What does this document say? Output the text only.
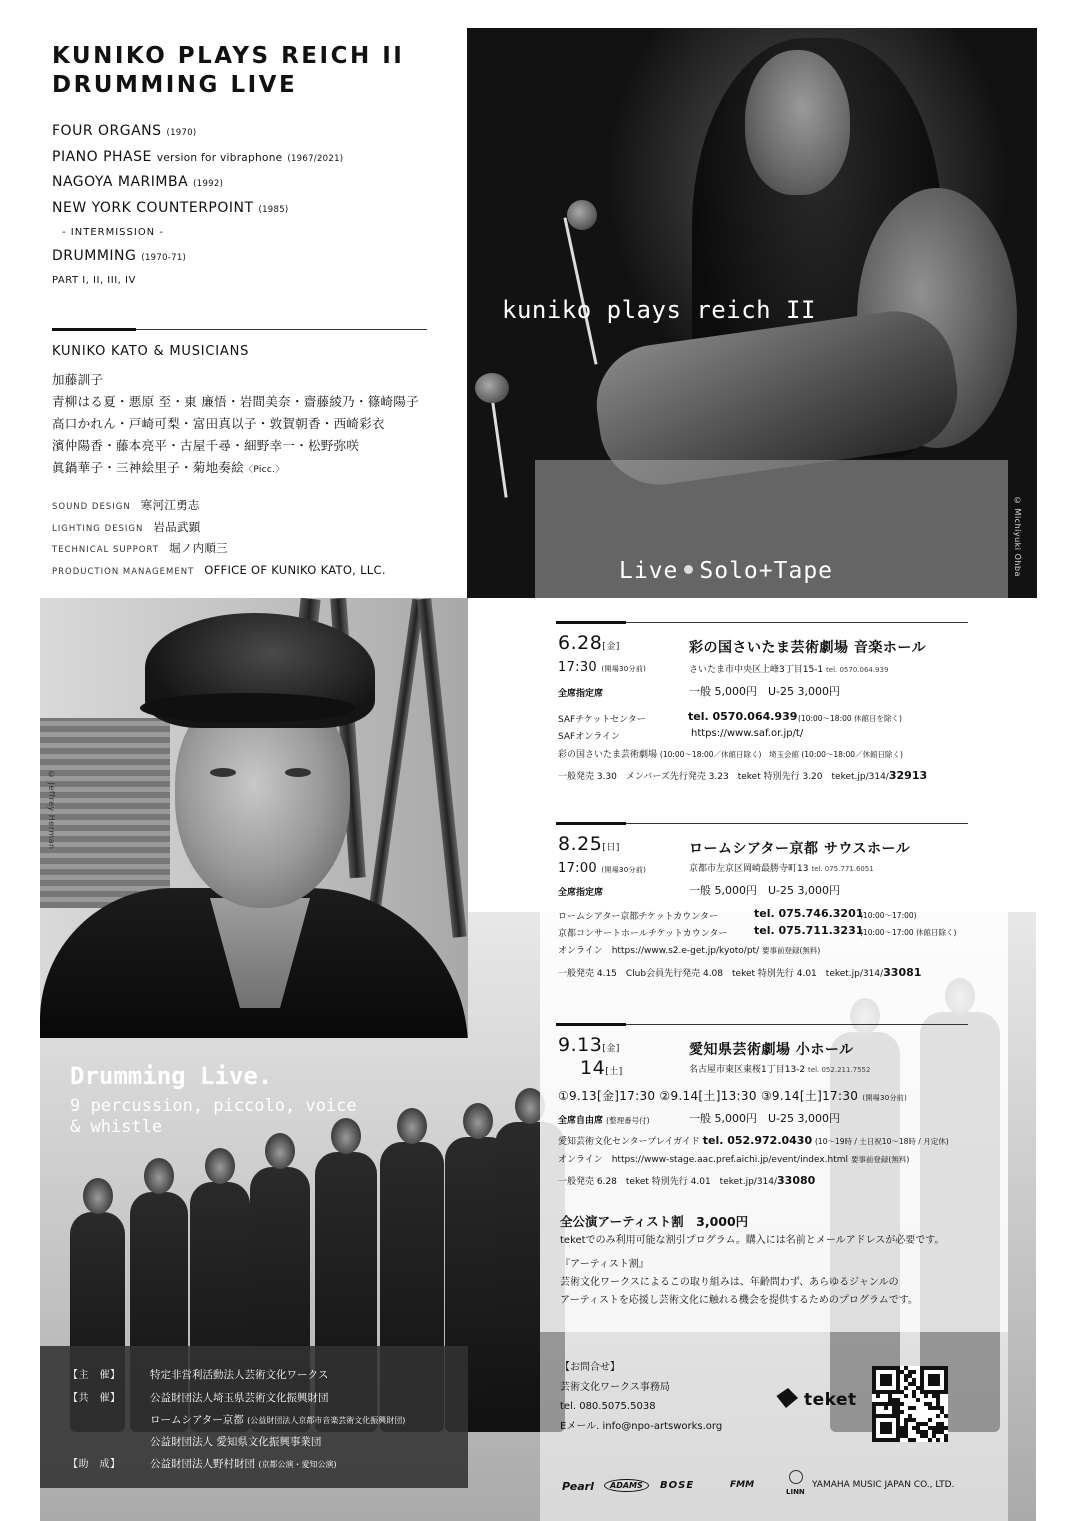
KUNIKO PLAYS REICH II
DRUMMING LIVE
FOUR ORGANS (1970)
PIANO PHASE version for vibraphone (1967/2021)
NAGOYA MARIMBA (1992)
NEW YORK COUNTERPOINT (1985)
- INTERMISSION -
DRUMMING (1970-71)
PART I, II, III, IV
KUNIKO KATO & MUSICIANS
加藤訓子
青柳はる夏・悪原 至・東 廉悟・岩間美奈・齋藤綾乃・篠崎陽子
高口かれん・戸崎可梨・富田真以子・敦賀朝香・西崎彩衣
濱仲陽香・藤本亮平・古屋千尋・細野幸一・松野弥咲
眞鍋華子・三神絵里子・菊地奏絵〈Picc.〉
SOUND DESIGN 寒河江勇志
LIGHTING DESIGN 岩品武顕
TECHNICAL SUPPORT 堀ノ内順三
PRODUCTION MANAGEMENT OFFICE OF KUNIKO KATO, LLC.
kuniko plays reich II
Live Solo+Tape	© Michiyuki Ohba
Drumming Live.
9 percussion, piccolo, voice
& whistle
© Jeffrey Herman
6.28[金]
17:30 (開場30分前)
彩の国さいたま芸術劇場 音楽ホール
さいたま市中央区上峰3丁目15-1 tel. 0570.064.939
全席指定席	一般 5,000円　 U-25 3,000円
SAFチケットセンター	tel. 0570.064.939 (10:00〜18:00 休館日を除く)
SAFオンライン	https://www.saf.or.jp/t/
彩の国さいたま芸術劇場 (10:00〜18:00／休館日除く)　埼玉会館 (10:00〜18:00／休館日除く)
一般発売 3.30　メンバーズ先行発売 3.23　teket 特別先行 3.20　teket.jp/314/32913
8.25[日]
17:00 (開場30分前)
ロームシアター京都 サウスホール
京都市左京区岡崎最勝寺町13 tel. 075.771.6051
全席指定席	一般 5,000円　 U-25 3,000円
ロームシアター京都チケットカウンター	tel. 075.746.3201
(10:00〜17:00)
京都コンサートホールチケットカウンター tel. 075.711.3231
(10:00〜17:00 休館日除く)
オンライン　https://www.s2.e-get.jp/kyoto/pt/ 要事前登録(無料)
一般発売 4.15　Club会員先行発売 4.08　teket 特別先行 4.01　teket.jp/314/33081
9.13[金]
14[土]
愛知県芸術劇場 小ホール
名古屋市東区東桜1丁目13-2 tel. 052.211.7552
①9.13[金]17:30 ②9.14[土]13:30 ③9.14[土]17:30 (開場30分前)
全席自由席 (整理番号付)	一般 5,000円　 U-25 3,000円
愛知芸術文化センタープレイガイド tel. 052.972.0430 (10〜19時 / 土日祝10〜18時 / 月定休)
オンライン　https://www-stage.aac.pref.aichi.jp/event/index.html 要事前登録(無料)
一般発売 6.28　teket 特別先行 4.01　teket.jp/314/33080
全公演アーティスト割　3,000円
teketでのみ利用可能な割引プログラム。購入には名前とメールアドレスが必要です。
『アーティスト割』
芸術文化ワークスによるこの取り組みは、年齢問わず、あらゆるジャンルの
アーティストを応援し芸術文化に触れる機会を提供するためのプログラムです。
【お問合せ】
芸術文化ワークス事務局
tel. 080.5075.5038
Eメール. info@npo-artsworks.org
teket
【主　催】	特定非営利活動法人芸術文化ワークス
【共　催】	公益財団法人埼玉県芸術文化振興財団
ロームシアター京都 (公益財団法人京都市音楽芸術文化振興財団)
公益財団法人 愛知県文化振興事業団
【助　成】	公益財団法人野村財団 (京都公演・愛知公演)
Pearl	ADAMS	BOSE	FMM
LINN
YAMAHA MUSIC JAPAN CO., LTD.
